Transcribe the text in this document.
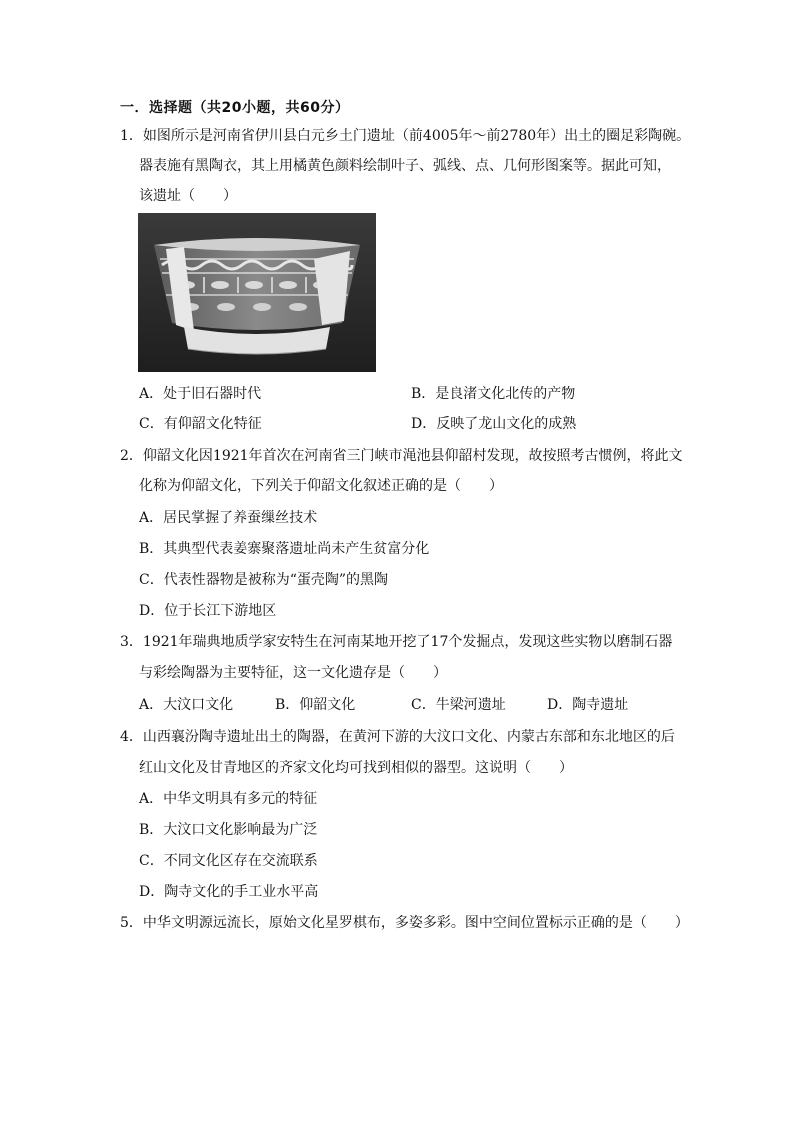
一．选择题（共20小题，共60分）
1．如图所示是河南省伊川县白元乡土门遗址（前4005年～前2780年）出土的圈足彩陶碗。
器表施有黑陶衣，其上用橘黄色颜料绘制叶子、弧线、点、几何形图案等。据此可知，
该遗址（　　）
A．处于旧石器时代	B．是良渚文化北传的产物
C．有仰韶文化特征	D．反映了龙山文化的成熟
2．仰韶文化因1921年首次在河南省三门峡市渑池县仰韶村发现，故按照考古惯例，将此文
化称为仰韶文化，下列关于仰韶文化叙述正确的是（　　）
A．居民掌握了养蚕缫丝技术
B．其典型代表姜寨聚落遗址尚未产生贫富分化
C．代表性器物是被称为“蛋壳陶”的黑陶
D．位于长江下游地区
3．1921年瑞典地质学家安特生在河南某地开挖了17个发掘点，发现这些实物以磨制石器
与彩绘陶器为主要特征，这一文化遗存是（　　）
A．大汶口文化	B．仰韶文化	C．牛梁河遗址	D．陶寺遗址
4．山西襄汾陶寺遗址出土的陶器，在黄河下游的大汶口文化、内蒙古东部和东北地区的后
红山文化及甘青地区的齐家文化均可找到相似的器型。这说明（　　）
A．中华文明具有多元的特征
B．大汶口文化影响最为广泛
C．不同文化区存在交流联系
D．陶寺文化的手工业水平高
5．中华文明源远流长，原始文化星罗棋布，多姿多彩。图中空间位置标示正确的是（　　）
